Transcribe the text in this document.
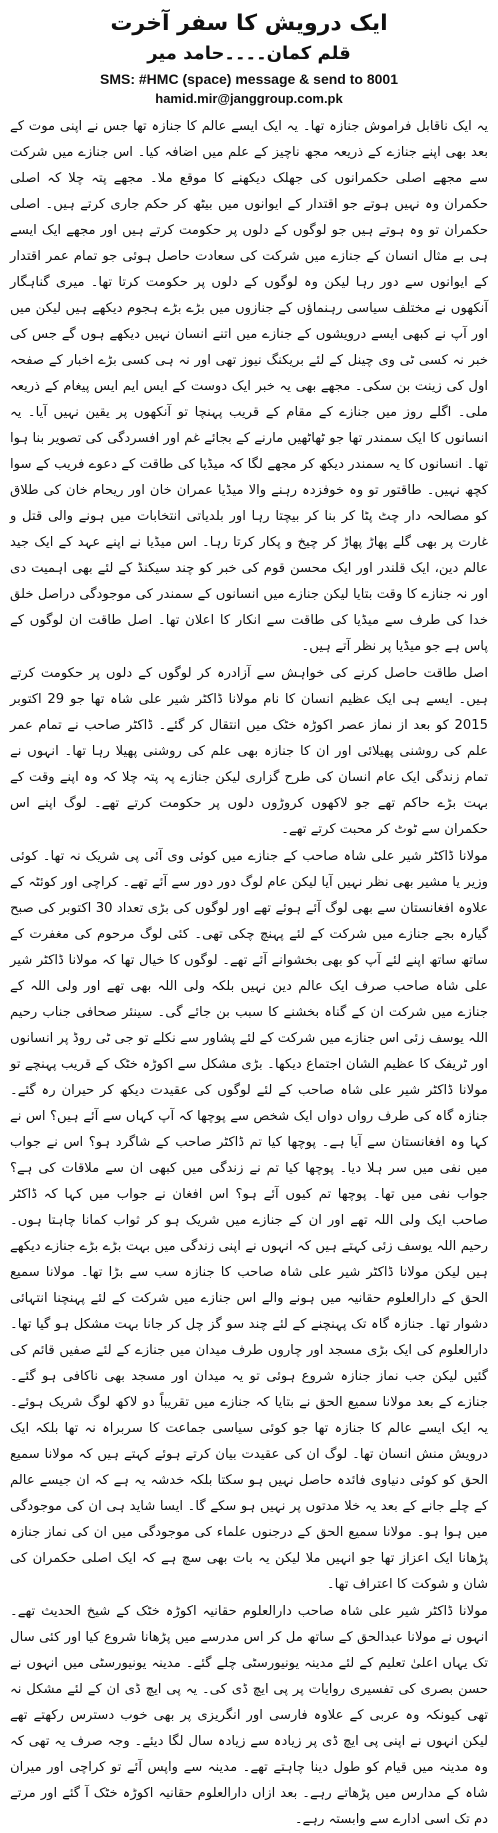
ایک درویش کا سفر آخرت
قلم کمان۔۔۔۔حامد میر
SMS: #HMC (space) message & send to 8001
hamid.mir@janggroup.com.pk

یہ ایک ناقابل فراموش جنازہ تھا۔ یہ ایک ایسے عالم کا جنازہ تھا جس نے اپنی موت کے بعد بھی اپنے جنازے کے ذریعہ مجھ ناچیز کے علم میں اضافہ کیا۔ اس جنازے میں شرکت سے مجھے اصلی حکمرانوں کی جھلک دیکھنے کا موقع ملا۔ مجھے پتہ چلا کہ اصلی حکمران وہ نہیں ہوتے جو اقتدار کے ایوانوں میں بیٹھ کر حکم جاری کرتے ہیں۔ اصلی حکمران تو وہ ہوتے ہیں جو لوگوں کے دلوں پر حکومت کرتے ہیں اور مجھے ایک ایسے ہی بے مثال انسان کے جنازے میں شرکت کی سعادت حاصل ہوئی جو تمام عمر اقتدار کے ایوانوں سے دور رہا لیکن وہ لوگوں کے دلوں پر حکومت کرتا تھا۔ میری گناہگار آنکھوں نے مختلف سیاسی رہنماؤں کے جنازوں میں بڑے بڑے ہجوم دیکھے ہیں لیکن میں اور آپ نے کبھی ایسے درویشوں کے جنازے میں اتنے انسان نہیں دیکھے ہوں گے جس کی خبر نہ کسی ٹی وی چینل کے لئے بریکنگ نیوز تھی اور نہ ہی کسی بڑے اخبار کے صفحہ اول کی زینت بن سکی۔ مجھے بھی یہ خبر ایک دوست کے ایس ایم ایس پیغام کے ذریعہ ملی۔ اگلے روز میں جنازے کے مقام کے قریب پہنچا تو آنکھوں پر یقین نہیں آیا۔ یہ انسانوں کا ایک سمندر تھا جو ٹھاٹھیں مارنے کے بجائے غم اور افسردگی کی تصویر بنا ہوا تھا۔ انسانوں کا یہ سمندر دیکھ کر مجھے لگا کہ میڈیا کی طاقت کے دعوے فریب کے سوا کچھ نہیں۔ طاقتور تو وہ خوفزدہ رہنے والا میڈیا عمران خان اور ریحام خان کی طلاق کو مصالحہ دار چٹ پٹا کر بنا کر بیچتا رہا اور بلدیاتی انتخابات میں ہونے والی قتل و غارت پر بھی گلے پھاڑ پھاڑ کر چیخ و پکار کرتا رہا۔ اس میڈیا نے اپنے عہد کے ایک جید عالم دین، ایک قلندر اور ایک محسن قوم کی خبر کو چند سیکنڈ کے لئے بھی اہمیت دی اور نہ جنازے کا وقت بتایا لیکن جنازے میں انسانوں کے سمندر کی موجودگی دراصل خلق خدا کی طرف سے میڈیا کی طاقت سے انکار کا اعلان تھا۔ اصل طاقت ان لوگوں کے پاس ہے جو میڈیا پر نظر آتے ہیں۔

اصل طاقت حاصل کرنے کی خواہش سے آزادرہ کر لوگوں کے دلوں پر حکومت کرتے ہیں۔ ایسے ہی ایک عظیم انسان کا نام مولانا ڈاکٹر شیر علی شاہ تھا جو 29 اکتوبر 2015 کو بعد از نماز عصر اکوڑہ خٹک میں انتقال کر گئے۔ ڈاکٹر صاحب نے تمام عمر علم کی روشنی پھیلائی اور ان کا جنازہ بھی علم کی روشنی پھیلا رہا تھا۔ انہوں نے تمام زندگی ایک عام انسان کی طرح گزاری لیکن جنازے پہ پتہ چلا کہ وہ اپنے وقت کے بہت بڑے حاکم تھے جو لاکھوں کروڑوں دلوں پر حکومت کرتے تھے۔ لوگ اپنے اس حکمران سے ٹوٹ کر محبت کرتے تھے۔

مولانا ڈاکٹر شیر علی شاہ صاحب کے جنازے میں کوئی وی آئی پی شریک نہ تھا۔ کوئی وزیر یا مشیر بھی نظر نہیں آیا لیکن عام لوگ دور دور سے آئے تھے۔ کراچی اور کوئٹہ کے علاوہ افغانستان سے بھی لوگ آئے ہوئے تھے اور لوگوں کی بڑی تعداد 30 اکتوبر کی صبح گیارہ بجے جنازے میں شرکت کے لئے پہنچ چکی تھی۔ کئی لوگ مرحوم کی مغفرت کے ساتھ ساتھ اپنے لئے آپ کو بھی بخشوانے آئے تھے۔ لوگوں کا خیال تھا کہ مولانا ڈاکٹر شیر علی شاہ صاحب صرف ایک عالم دین نہیں بلکہ ولی اللہ بھی تھے اور ولی اللہ کے جنازے میں شرکت ان کے گناہ بخشنے کا سبب بن جائے گی۔ سینئر صحافی جناب رحیم اللہ یوسف زئی اس جنازے میں شرکت کے لئے پشاور سے نکلے تو جی ٹی روڈ پر انسانوں اور ٹریفک کا عظیم الشان اجتماع دیکھا۔ بڑی مشکل سے اکوڑہ خٹک کے قریب پہنچے تو مولانا ڈاکٹر شیر علی شاہ صاحب کے لئے لوگوں کی عقیدت دیکھ کر حیران رہ گئے۔ جنازہ گاہ کی طرف رواں دواں ایک شخص سے پوچھا کہ آپ کہاں سے آئے ہیں؟ اس نے کہا وہ افغانستان سے آیا ہے۔ پوچھا کیا تم ڈاکٹر صاحب کے شاگرد ہو؟ اس نے جواب میں نفی میں سر ہلا دیا۔ پوچھا کیا تم نے زندگی میں کبھی ان سے ملاقات کی ہے؟ جواب نفی میں تھا۔ پوچھا تم کیوں آئے ہو؟ اس افغان نے جواب میں کہا کہ ڈاکٹر صاحب ایک ولی اللہ تھے اور ان کے جنازے میں شریک ہو کر ثواب کمانا چاہتا ہوں۔ رحیم اللہ یوسف زئی کہتے ہیں کہ انہوں نے اپنی زندگی میں بہت بڑے بڑے جنازے دیکھے ہیں لیکن مولانا ڈاکٹر شیر علی شاہ صاحب کا جنازہ سب سے بڑا تھا۔ مولانا سمیع الحق کے دارالعلوم حقانیہ میں ہونے والے اس جنازے میں شرکت کے لئے پہنچنا انتہائی دشوار تھا۔ جنازہ گاہ تک پہنچنے کے لئے چند سو گز چل کر جانا بہت مشکل ہو گیا تھا۔ دارالعلوم کی ایک بڑی مسجد اور چاروں طرف میدان میں جنازے کے لئے صفیں قائم کی گئیں لیکن جب نماز جنازہ شروع ہوئی تو یہ میدان اور مسجد بھی ناکافی ہو گئے۔ جنازے کے بعد مولانا سمیع الحق نے بتایا کہ جنازے میں تقریباً دو لاکھ لوگ شریک ہوئے۔ یہ ایک ایسے عالم کا جنازہ تھا جو کوئی سیاسی جماعت کا سربراہ نہ تھا بلکہ ایک درویش منش انسان تھا۔ لوگ ان کی عقیدت بیان کرتے ہوئے کہتے ہیں کہ مولانا سمیع الحق کو کوئی دنیاوی فائدہ حاصل نہیں ہو سکتا بلکہ خدشہ یہ ہے کہ ان جیسے عالم کے چلے جانے کے بعد یہ خلا مدتوں پر نہیں ہو سکے گا۔ ایسا شاید ہی ان کی موجودگی میں ہوا ہو۔ مولانا سمیع الحق کے درجنوں علماء کی موجودگی میں ان کی نماز جنازہ پڑھانا ایک اعزاز تھا جو انہیں ملا لیکن یہ بات بھی سچ ہے کہ ایک اصلی حکمران کی شان و شوکت کا اعتراف تھا۔

مولانا ڈاکٹر شیر علی شاہ صاحب دارالعلوم حقانیہ اکوڑہ خٹک کے شیخ الحدیث تھے۔ انہوں نے مولانا عبدالحق کے ساتھ مل کر اس مدرسے میں پڑھانا شروع کیا اور کئی سال تک یہاں اعلیٰ تعلیم کے لئے مدینہ یونیورسٹی چلے گئے۔ مدینہ یونیورسٹی میں انہوں نے حسن بصری کی تفسیری روایات پر پی ایچ ڈی کی۔ یہ پی ایچ ڈی ان کے لئے مشکل نہ تھی کیونکہ وہ عربی کے علاوہ فارسی اور انگریزی پر بھی خوب دسترس رکھتے تھے لیکن انہوں نے اپنی پی ایچ ڈی پر زیادہ سے زیادہ سال لگا دیئے۔ وجہ صرف یہ تھی کہ وہ مدینہ میں قیام کو طول دینا چاہتے تھے۔ مدینہ سے واپس آئے تو کراچی اور میران شاہ کے مدارس میں پڑھاتے رہے۔ بعد ازاں دارالعلوم حقانیہ اکوڑہ خٹک آ گئے اور مرتے دم تک اسی ادارے سے وابستہ رہے۔
